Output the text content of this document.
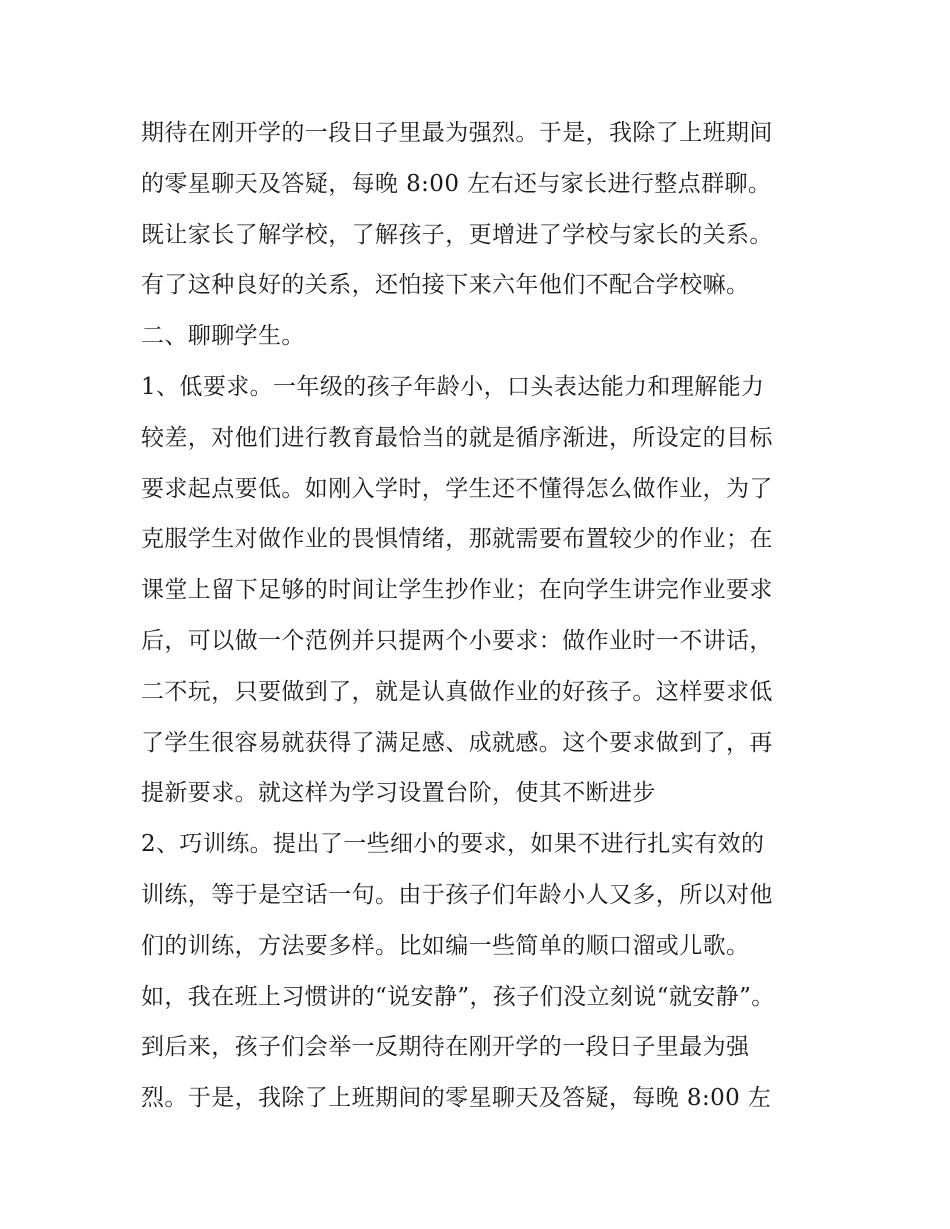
期待在刚开学的一段日子里最为强烈。于是，我除了上班期间
的零星聊天及答疑，每晚 8:00 左右还与家长进行整点群聊。
既让家长了解学校，了解孩子，更增进了学校与家长的关系。
有了这种良好的关系，还怕接下来六年他们不配合学校嘛。
二、聊聊学生。
1、低要求。一年级的孩子年龄小，口头表达能力和理解能力
较差，对他们进行教育最恰当的就是循序渐进，所设定的目标
要求起点要低。如刚入学时，学生还不懂得怎么做作业，为了
克服学生对做作业的畏惧情绪，那就需要布置较少的作业；在
课堂上留下足够的时间让学生抄作业；在向学生讲完作业要求
后，可以做一个范例并只提两个小要求：做作业时一不讲话，
二不玩，只要做到了，就是认真做作业的好孩子。这样要求低
了学生很容易就获得了满足感、成就感。这个要求做到了，再
提新要求。就这样为学习设置台阶，使其不断进步
2、巧训练。提出了一些细小的要求，如果不进行扎实有效的
训练，等于是空话一句。由于孩子们年龄小人又多，所以对他
们的训练，方法要多样。比如编一些简单的顺口溜或儿歌。
如，我在班上习惯讲的“说安静”，孩子们没立刻说“就安静”。
到后来，孩子们会举一反期待在刚开学的一段日子里最为强
烈。于是，我除了上班期间的零星聊天及答疑，每晚 8:00 左
